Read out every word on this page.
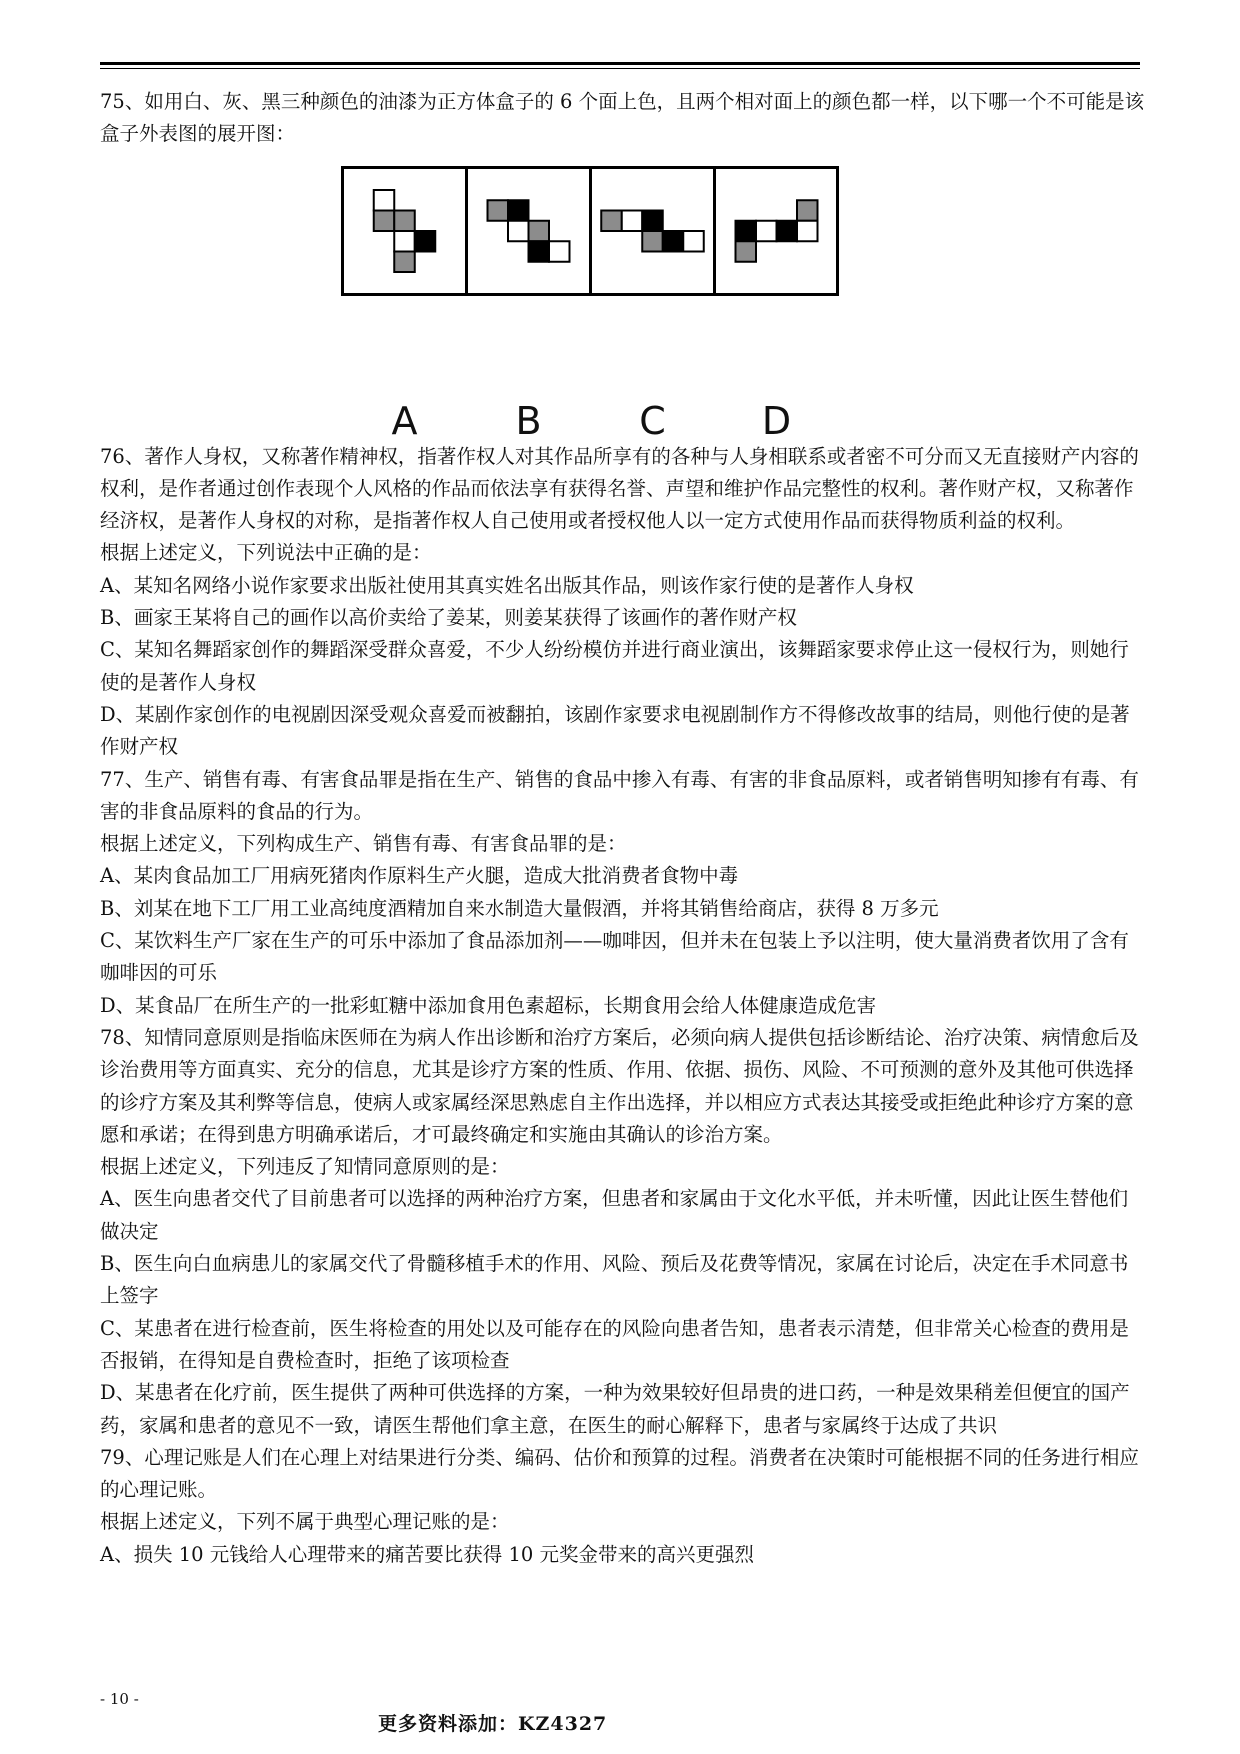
75、如用白、灰、黑三种颜色的油漆为正方体盒子的 6 个面上色，且两个相对面上的颜色都一样，以下哪一个不可能是该盒子外表图的展开图：

A	B	C	D

76、著作人身权，又称著作精神权，指著作权人对其作品所享有的各种与人身相联系或者密不可分而又无直接财产内容的权利，是作者通过创作表现个人风格的作品而依法享有获得名誉、声望和维护作品完整性的权利。著作财产权，又称著作经济权，是著作人身权的对称，是指著作权人自己使用或者授权他人以一定方式使用作品而获得物质利益的权利。

根据上述定义，下列说法中正确的是：

A、某知名网络小说作家要求出版社使用其真实姓名出版其作品，则该作家行使的是著作人身权

B、画家王某将自己的画作以高价卖给了姜某，则姜某获得了该画作的著作财产权

C、某知名舞蹈家创作的舞蹈深受群众喜爱，不少人纷纷模仿并进行商业演出，该舞蹈家要求停止这一侵权行为，则她行使的是著作人身权

D、某剧作家创作的电视剧因深受观众喜爱而被翻拍，该剧作家要求电视剧制作方不得修改故事的结局，则他行使的是著作财产权

77、生产、销售有毒、有害食品罪是指在生产、销售的食品中掺入有毒、有害的非食品原料，或者销售明知掺有有毒、有害的非食品原料的食品的行为。

根据上述定义，下列构成生产、销售有毒、有害食品罪的是：

A、某肉食品加工厂用病死猪肉作原料生产火腿，造成大批消费者食物中毒

B、刘某在地下工厂用工业高纯度酒精加自来水制造大量假酒，并将其销售给商店，获得 8 万多元

C、某饮料生产厂家在生产的可乐中添加了食品添加剂——咖啡因，但并未在包装上予以注明，使大量消费者饮用了含有咖啡因的可乐

D、某食品厂在所生产的一批彩虹糖中添加食用色素超标，长期食用会给人体健康造成危害

78、知情同意原则是指临床医师在为病人作出诊断和治疗方案后，必须向病人提供包括诊断结论、治疗决策、病情愈后及诊治费用等方面真实、充分的信息，尤其是诊疗方案的性质、作用、依据、损伤、风险、不可预测的意外及其他可供选择的诊疗方案及其利弊等信息，使病人或家属经深思熟虑自主作出选择，并以相应方式表达其接受或拒绝此种诊疗方案的意愿和承诺；在得到患方明确承诺后，才可最终确定和实施由其确认的诊治方案。

根据上述定义，下列违反了知情同意原则的是：

A、医生向患者交代了目前患者可以选择的两种治疗方案，但患者和家属由于文化水平低，并未听懂，因此让医生替他们做决定

B、医生向白血病患儿的家属交代了骨髓移植手术的作用、风险、预后及花费等情况，家属在讨论后，决定在手术同意书上签字

C、某患者在进行检查前，医生将检查的用处以及可能存在的风险向患者告知，患者表示清楚，但非常关心检查的费用是否报销，在得知是自费检查时，拒绝了该项检查

D、某患者在化疗前，医生提供了两种可供选择的方案，一种为效果较好但昂贵的进口药，一种是效果稍差但便宜的国产药，家属和患者的意见不一致，请医生帮他们拿主意，在医生的耐心解释下，患者与家属终于达成了共识

79、心理记账是人们在心理上对结果进行分类、编码、估价和预算的过程。消费者在决策时可能根据不同的任务进行相应的心理记账。

根据上述定义，下列不属于典型心理记账的是：

A、损失 10 元钱给人心理带来的痛苦要比获得 10 元奖金带来的高兴更强烈

- 10 -
更多资料添加：KZ4327
